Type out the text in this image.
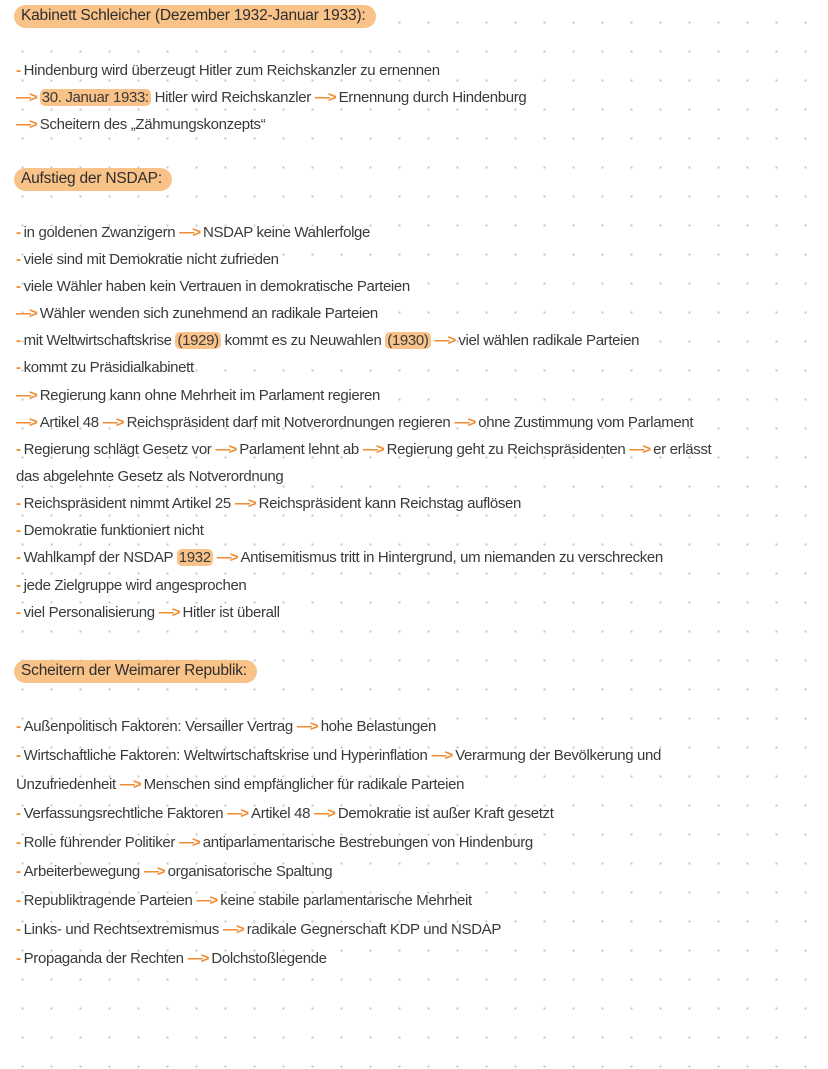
Kabinett Schleicher (Dezember 1932-Januar 1933):
- Hindenburg wird überzeugt Hitler zum Reichskanzler zu ernennen
—> 30. Januar 1933: Hitler wird Reichskanzler —> Ernennung durch Hindenburg
—> Scheitern des „Zähmungskonzepts“
Aufstieg der NSDAP:
- in goldenen Zwanzigern —> NSDAP keine Wahlerfolge
- viele sind mit Demokratie nicht zufrieden
- viele Wähler haben kein Vertrauen in demokratische Parteien
—> Wähler wenden sich zunehmend an radikale Parteien
- mit Weltwirtschaftskrise (1929) kommt es zu Neuwahlen (1930) —> viel wählen radikale Parteien
- kommt zu Präsidialkabinett
—> Regierung kann ohne Mehrheit im Parlament regieren
—> Artikel 48 —> Reichspräsident darf mit Notverordnungen regieren —> ohne Zustimmung vom Parlament
- Regierung schlägt Gesetz vor —> Parlament lehnt ab —> Regierung geht zu Reichspräsidenten —> er erlässt
das abgelehnte Gesetz als Notverordnung
- Reichspräsident nimmt Artikel 25 —> Reichspräsident kann Reichstag auflösen
- Demokratie funktioniert nicht
- Wahlkampf der NSDAP 1932 —> Antisemitismus tritt in Hintergrund, um niemanden zu verschrecken
- jede Zielgruppe wird angesprochen
- viel Personalisierung —> Hitler ist überall
Scheitern der Weimarer Republik:
- Außenpolitisch Faktoren: Versailler Vertrag —> hohe Belastungen
- Wirtschaftliche Faktoren: Weltwirtschaftskrise und Hyperinflation —> Verarmung der Bevölkerung und
Unzufriedenheit —> Menschen sind empfänglicher für radikale Parteien
- Verfassungsrechtliche Faktoren —> Artikel 48 —> Demokratie ist außer Kraft gesetzt
- Rolle führender Politiker —> antiparlamentarische Bestrebungen von Hindenburg
- Arbeiterbewegung —> organisatorische Spaltung
- Republiktragende Parteien —> keine stabile parlamentarische Mehrheit
- Links- und Rechtsextremismus —> radikale Gegnerschaft KDP und NSDAP
- Propaganda der Rechten —> Dolchstoßlegende
